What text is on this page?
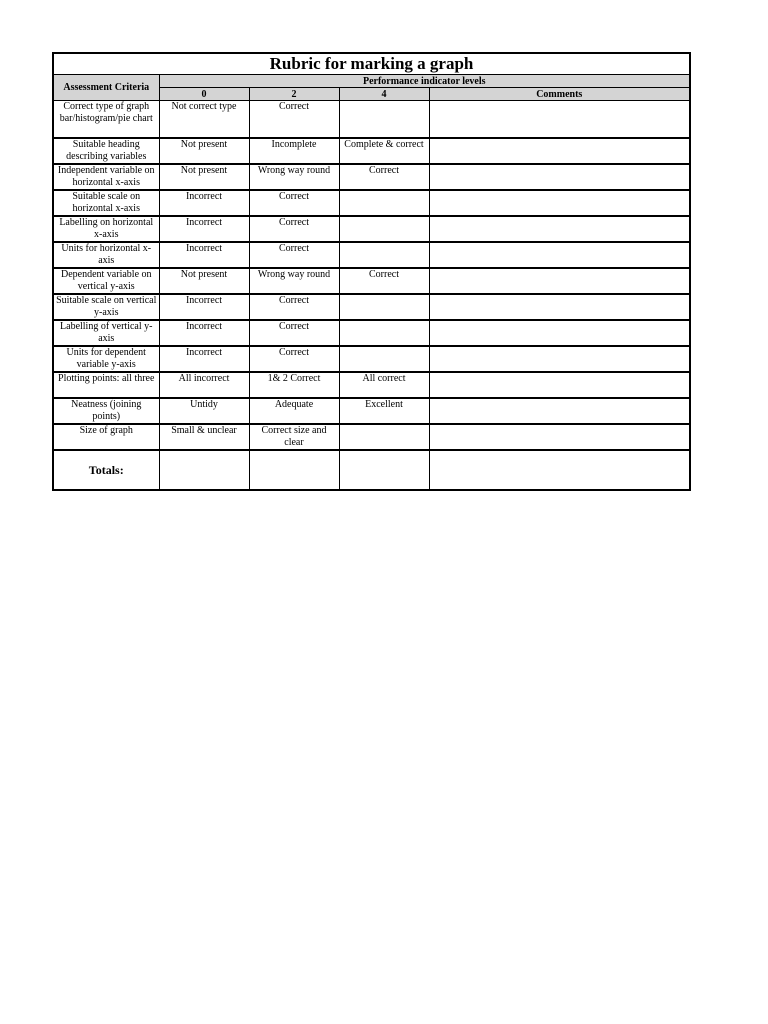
Rubric for marking a graph				
Assessment Criteria	Performance indicator levels			
	0	2	4	Comments
Correct type of graph bar/histogram/pie chart	Not correct type	Correct		
Suitable heading describing variables	Not present	Incomplete	Complete & correct	
Independent variable on horizontal x-axis	Not present	Wrong way round	Correct	
Suitable scale on horizontal x-axis	Incorrect	Correct		
Labelling on horizontal x-axis	Incorrect	Correct		
Units for horizontal x-axis	Incorrect	Correct		
Dependent variable on vertical y-axis	Not present	Wrong way round	Correct	
Suitable scale on vertical y-axis	Incorrect	Correct		
Labelling of vertical y- axis	Incorrect	Correct		
Units for dependent variable y-axis	Incorrect	Correct		
Plotting points: all three	All incorrect	1& 2 Correct	All correct	
Neatness (joining points)	Untidy	Adequate	Excellent	
Size of graph	Small & unclear	Correct size and clear		
Totals:				
